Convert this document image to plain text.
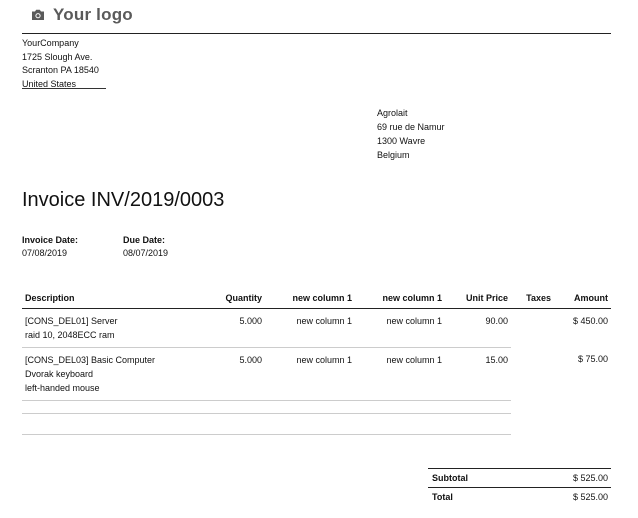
Your logo
YourCompany
1725 Slough Ave.
Scranton PA 18540
United States
Agrolait
69 rue de Namur
1300 Wavre
Belgium
Invoice INV/2019/0003
Invoice Date:
07/08/2019
Due Date:
08/07/2019
Description	Quantity	new column 1	new column 1	Unit Price	Taxes	Amount

[CONS_DEL01] Server
raid 10, 2048ECC ram	5.000	new column 1	new column 1	90.00		$ 450.00

[CONS_DEL03] Basic Computer
Dvorak keyboard
left-handed mouse	5.000	new column 1	new column 1	15.00		$ 75.00
Subtotal	$ 525.00
Total	$ 525.00
